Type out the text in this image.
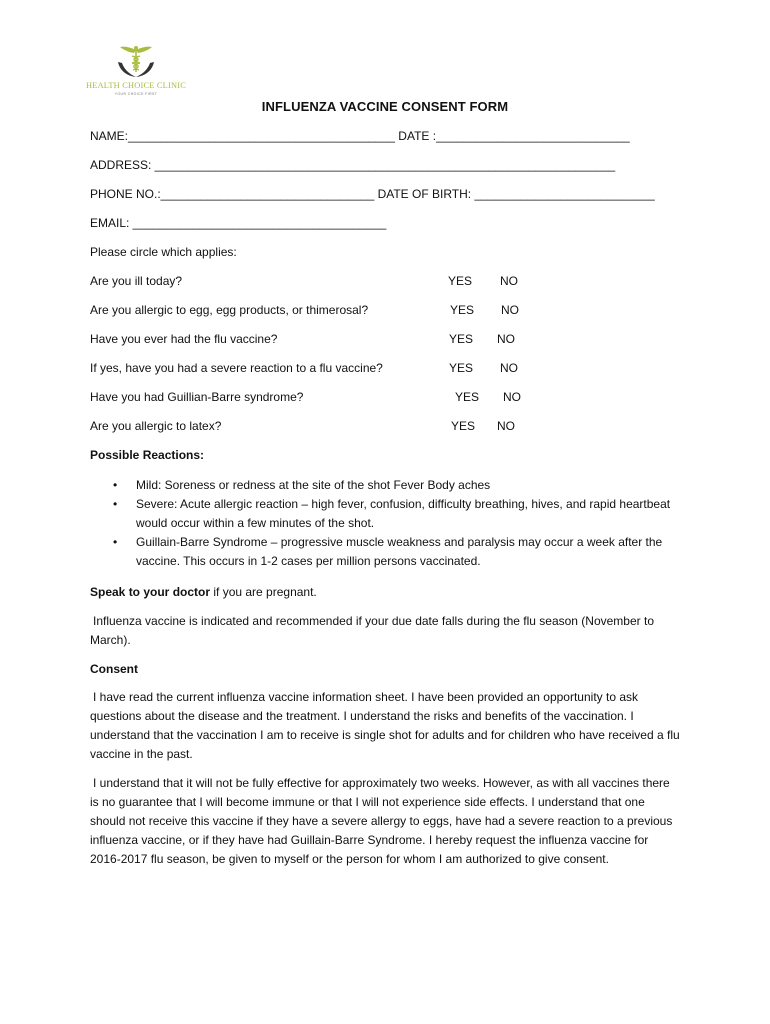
HEALTH CHOICE CLINIC
YOUR CHOICE FIRST
INFLUENZA VACCINE CONSENT FORM
NAME:________________________________________ DATE :_____________________________
ADDRESS: _____________________________________________________________________
PHONE NO.:________________________________ DATE OF BIRTH: ___________________________
EMAIL: ______________________________________
Please circle which applies:
Are you ill today?	YES NO
Are you allergic to egg, egg products, or thimerosal?	YES NO
Have you ever had the flu vaccine?	YES NO
If yes, have you had a severe reaction to a flu vaccine?	YES NO
Have you had Guillian-Barre syndrome?	YES NO
Are you allergic to latex?	YES NO
Possible Reactions:
• Mild: Soreness or redness at the site of the shot Fever Body aches
• Severe: Acute allergic reaction – high fever, confusion, difficulty breathing, hives, and rapid heartbeat would occur within a few minutes of the shot.
• Guillain-Barre Syndrome – progressive muscle weakness and paralysis may occur a week after the vaccine. This occurs in 1-2 cases per million persons vaccinated.
Speak to your doctor if you are pregnant.
Influenza vaccine is indicated and recommended if your due date falls during the flu season (November to March).
Consent
I have read the current influenza vaccine information sheet. I have been provided an opportunity to ask questions about the disease and the treatment. I understand the risks and benefits of the vaccination. I understand that the vaccination I am to receive is single shot for adults and for children who have received a flu vaccine in the past.
I understand that it will not be fully effective for approximately two weeks. However, as with all vaccines there is no guarantee that I will become immune or that I will not experience side effects. I understand that one should not receive this vaccine if they have a severe allergy to eggs, have had a severe reaction to a previous influenza vaccine, or if they have had Guillain-Barre Syndrome. I hereby request the influenza vaccine for 2016-2017 flu season, be given to myself or the person for whom I am authorized to give consent.
